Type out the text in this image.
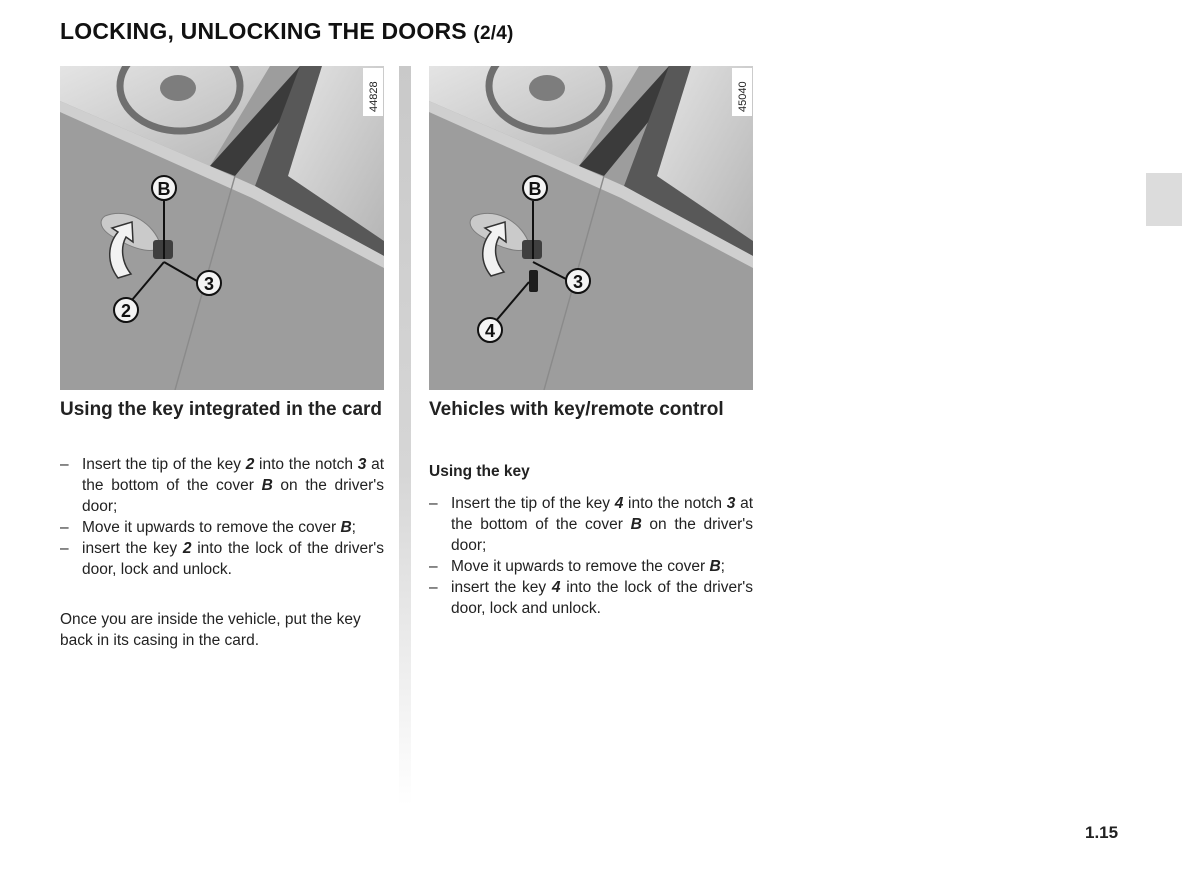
LOCKING, UNLOCKING THE DOORS (2/4)
B
3
2
44828
B
3
4
45040
Using the key integrated in the card
– Insert the tip of the key 2 into the notch 3 at the bottom of the cover B on the driver's door;
– Move it upwards to remove the cover B;
– insert the key 2 into the lock of the driver's door, lock and unlock.
Once you are inside the vehicle, put the key back in its casing in the card.
Vehicles with key/remote control
Using the key
– Insert the tip of the key 4 into the notch 3 at the bottom of the cover B on the driver's door;
– Move it upwards to remove the cover B;
– insert the key 4 into the lock of the driver's door, lock and unlock.
1.15
